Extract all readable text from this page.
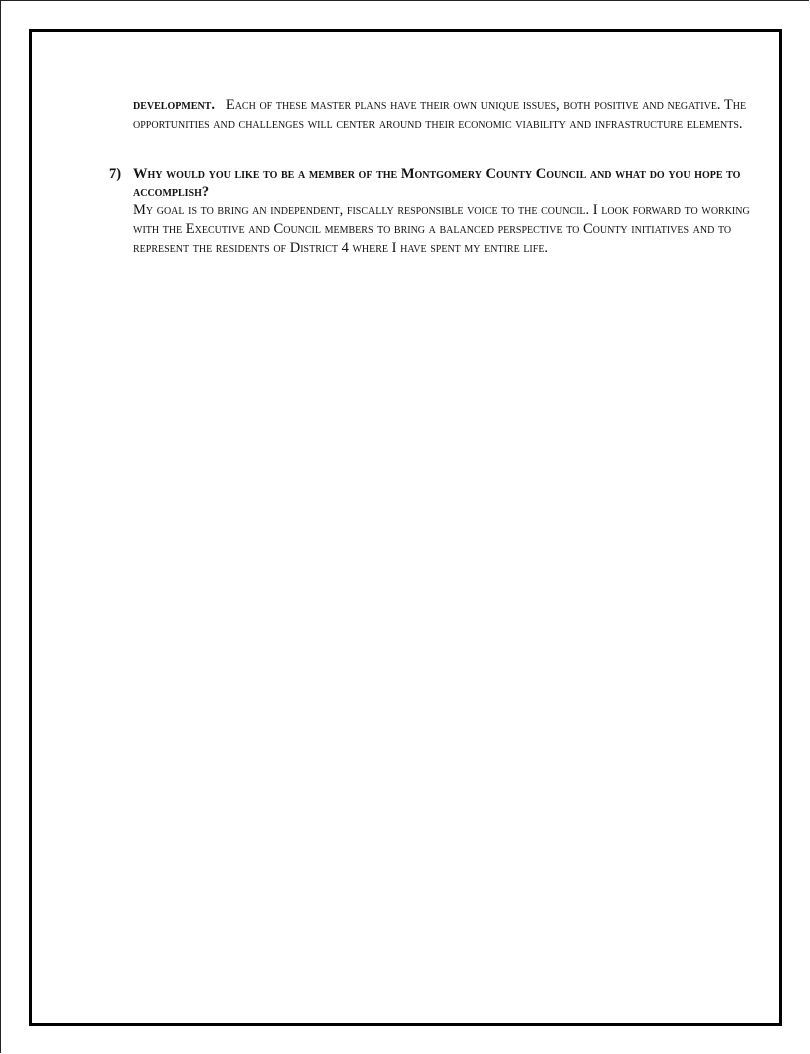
development. Each of these master plans have their own unique issues, both positive and negative. The opportunities and challenges will center around their economic viability and infrastructure elements.

7) Why would you like to be a member of the Montgomery County Council and what do you hope to accomplish?

My goal is to bring an independent, fiscally responsible voice to the council. I look forward to working with the Executive and Council members to bring a balanced perspective to County initiatives and to represent the residents of District 4 where I have spent my entire life.
